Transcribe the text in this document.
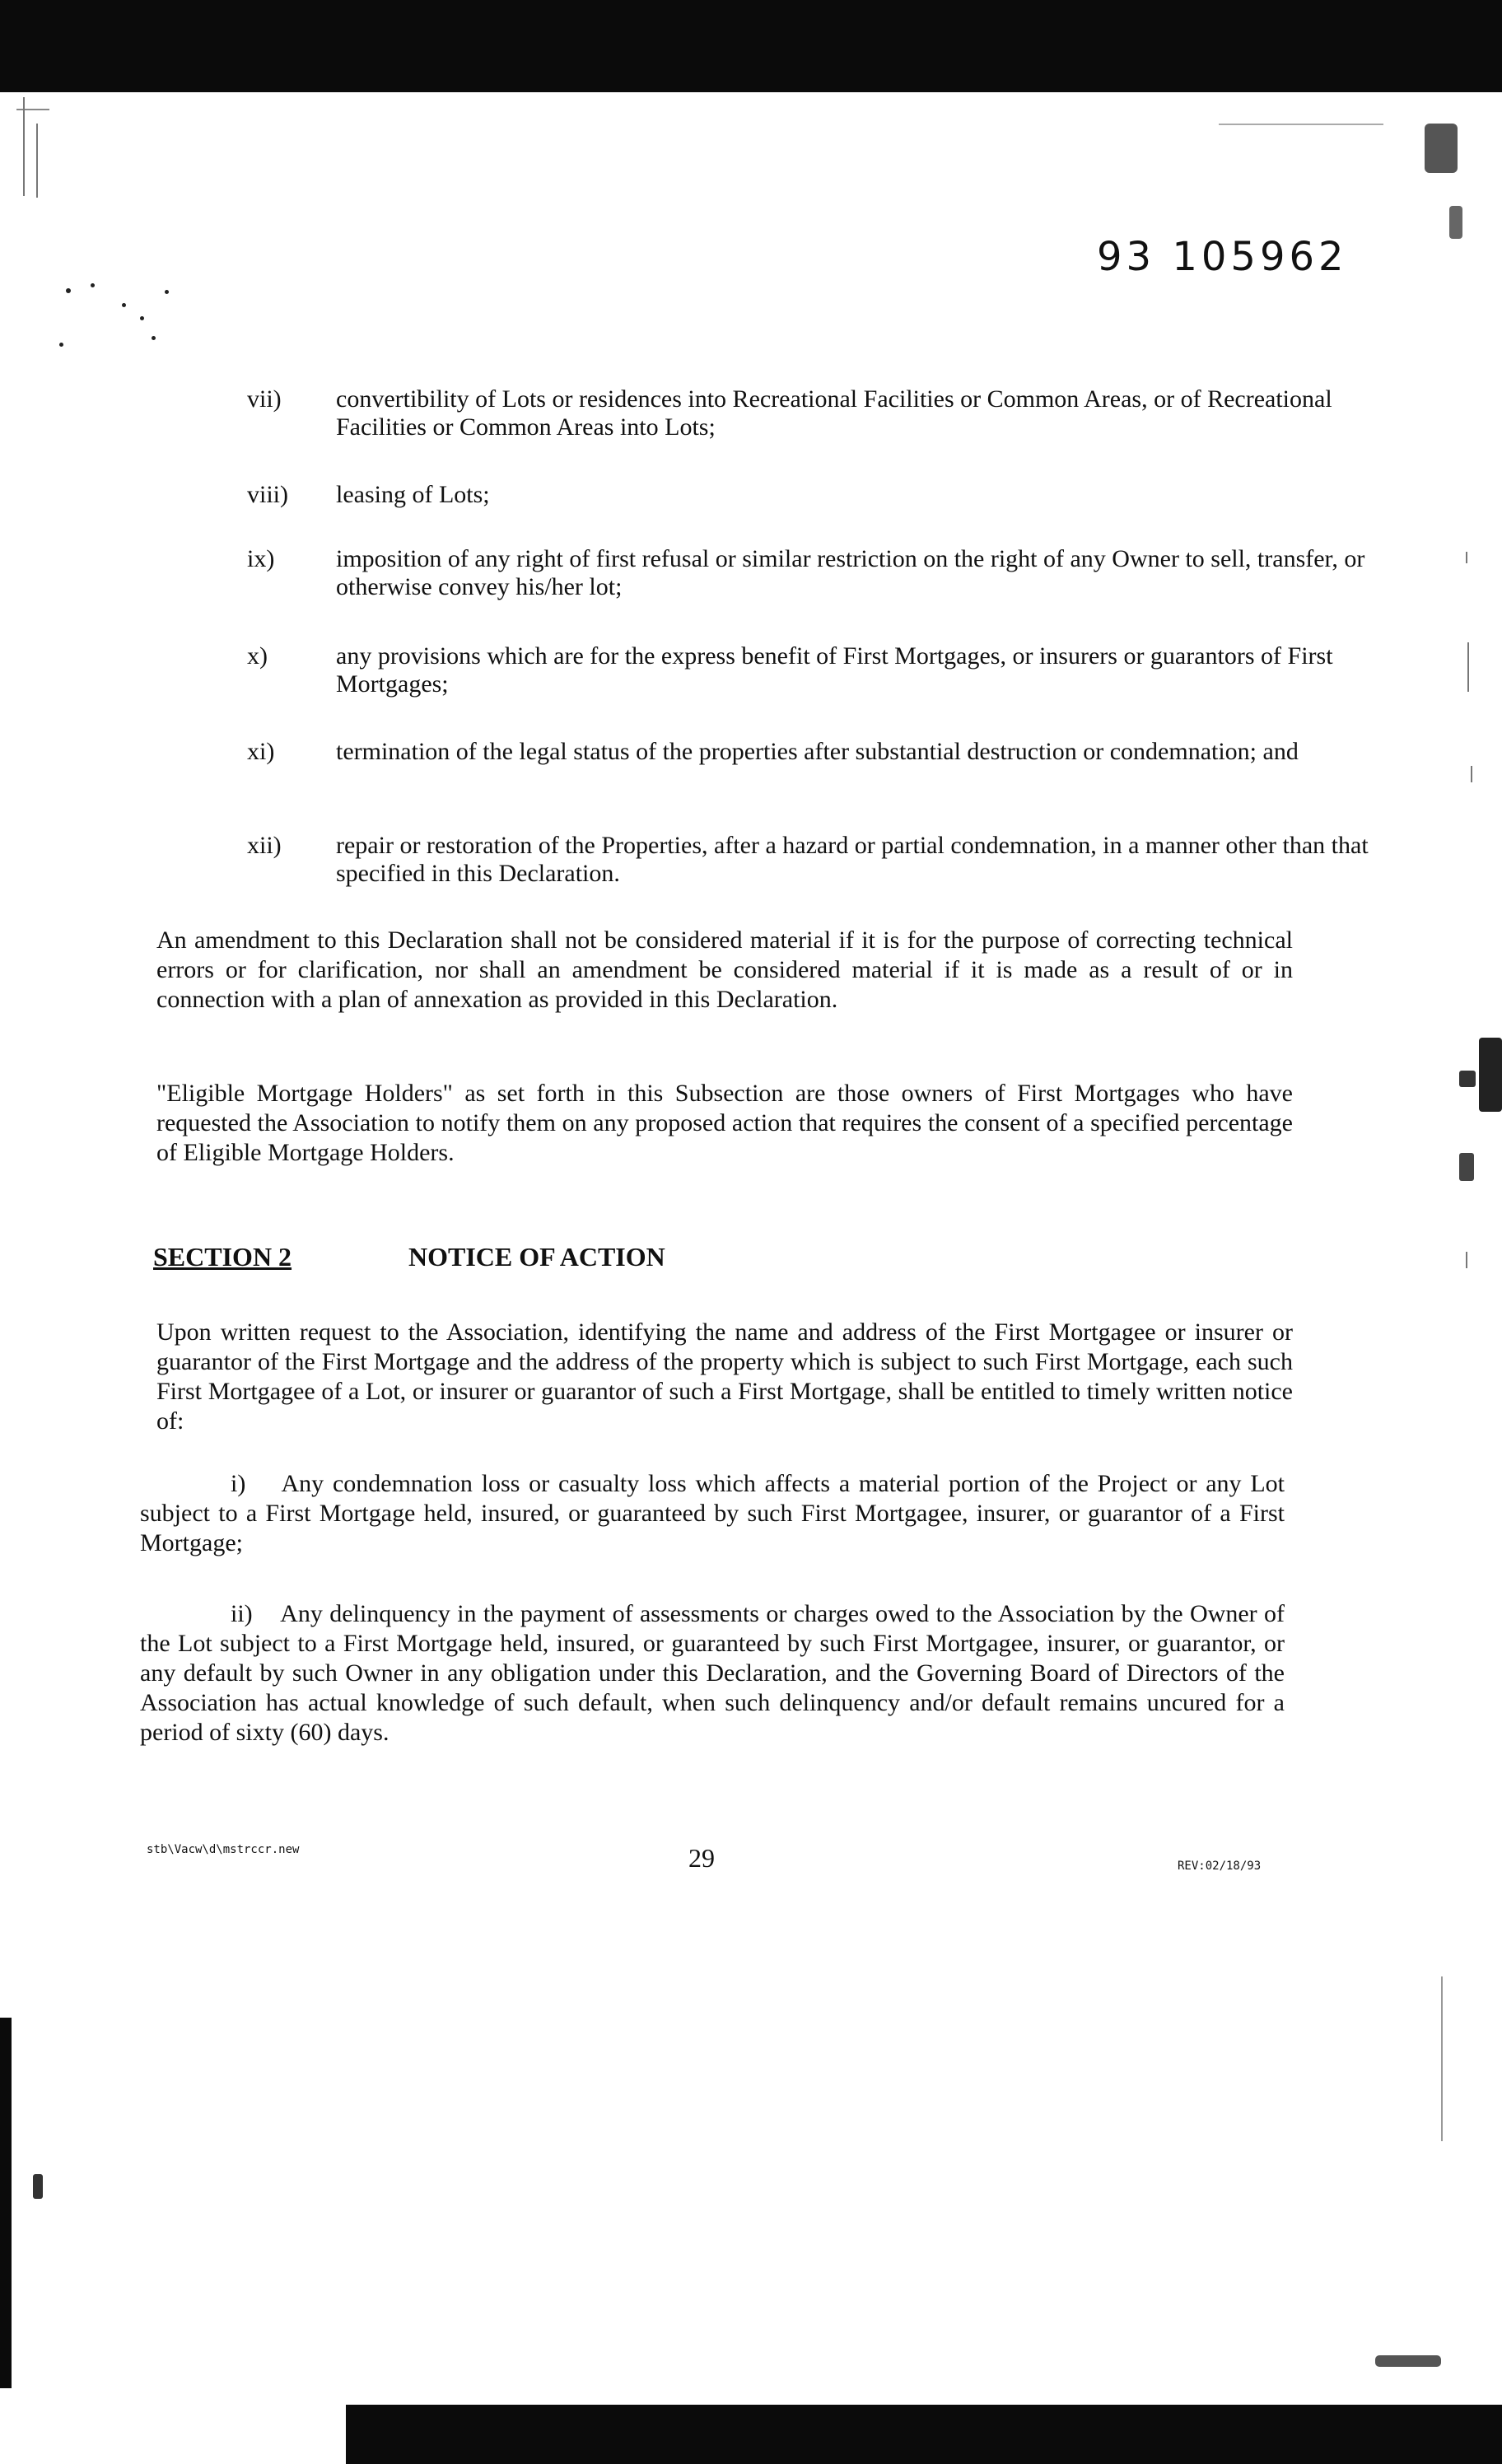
93 105962
vii)	convertibility of Lots or residences into Recreational Facilities or Common Areas, or of Recreational Facilities or Common Areas into Lots;
viii)	leasing of Lots;
ix)	imposition of any right of first refusal or similar restriction on the right of any Owner to sell, transfer, or otherwise convey his/her lot;
x)	any provisions which are for the express benefit of First Mortgages, or insurers or guarantors of First Mortgages;
xi)	termination of the legal status of the properties after substantial destruction or condemnation; and
xii)	repair or restoration of the Properties, after a hazard or partial condemnation, in a manner other than that specified in this Declaration.
An amendment to this Declaration shall not be considered material if it is for the purpose of correcting technical errors or for clarification, nor shall an amendment be considered material if it is made as a result of or in connection with a plan of annexation as provided in this Declaration.
"Eligible Mortgage Holders" as set forth in this Subsection are those owners of First Mortgages who have requested the Association to notify them on any proposed action that requires the consent of a specified percentage of Eligible Mortgage Holders.
SECTION 2	NOTICE OF ACTION
Upon written request to the Association, identifying the name and address of the First Mortgagee or insurer or guarantor of the First Mortgage and the address of the property which is subject to such First Mortgage, each such First Mortgagee of a Lot, or insurer or guarantor of such a First Mortgage, shall be entitled to timely written notice of:
i) Any condemnation loss or casualty loss which affects a material portion of the Project or any Lot subject to a First Mortgage held, insured, or guaranteed by such First Mortgagee, insurer, or guarantor of a First Mortgage;
ii) Any delinquency in the payment of assessments or charges owed to the Association by the Owner of the Lot subject to a First Mortgage held, insured, or guaranteed by such First Mortgagee, insurer, or guarantor, or any default by such Owner in any obligation under this Declaration, and the Governing Board of Directors of the Association has actual knowledge of such default, when such delinquency and/or default remains uncured for a period of sixty (60) days.
stb\Vacw\d\mstrccr.new	29	REV:02/18/93
